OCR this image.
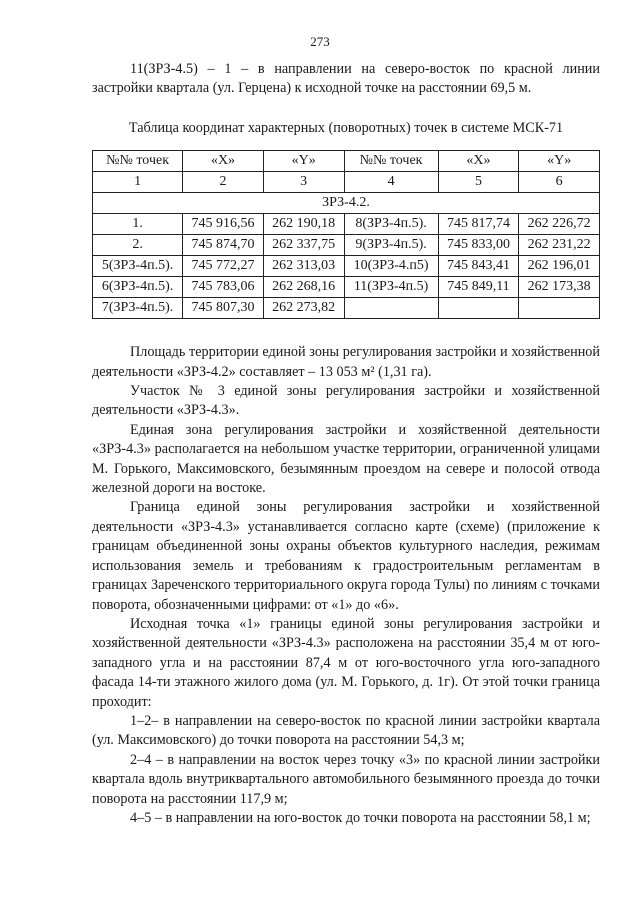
273

11(ЗРЗ-4.5) – 1 – в направлении на северо-восток по красной линии застройки квартала (ул. Герцена) к исходной точке на расстоянии 69,5 м.

Таблица координат характерных (поворотных) точек в системе МСК-71

№№ точек	«X»	«Y»	№№ точек	«X»	«Y»
1	2	3	4	5	6
ЗРЗ-4.2.					
1.	745 916,56	262 190,18	8(ЗРЗ-4п.5).	745 817,74	262 226,72
2.	745 874,70	262 337,75	9(ЗРЗ-4п.5).	745 833,00	262 231,22
5(ЗРЗ-4п.5).	745 772,27	262 313,03	10(ЗРЗ-4.п5)	745 843,41	262 196,01
6(ЗРЗ-4п.5).	745 783,06	262 268,16	11(ЗРЗ-4п.5)	745 849,11	262 173,38
7(ЗРЗ-4п.5).	745 807,30	262 273,82			

Площадь территории единой зоны регулирования застройки и хозяйственной деятельности «ЗРЗ-4.2» составляет – 13 053 м² (1,31 га).

Участок № 3 единой зоны регулирования застройки и хозяйственной деятельности «ЗРЗ-4.3».

Единая зона регулирования застройки и хозяйственной деятельности «ЗРЗ-4.3» располагается на небольшом участке территории, ограниченной улицами М. Горького, Максимовского, безымянным проездом на севере и полосой отвода железной дороги на востоке.

Граница единой зоны регулирования застройки и хозяйственной деятельности «ЗРЗ-4.3» устанавливается согласно карте (схеме) (приложение к границам объединенной зоны охраны объектов культурного наследия, режимам использования земель и требованиям к градостроительным регламентам в границах Зареченского территориального округа города Тулы) по линиям с точками поворота, обозначенными цифрами: от «1» до «6».

Исходная точка «1» границы единой зоны регулирования застройки и хозяйственной деятельности «ЗРЗ-4.3» расположена на расстоянии 35,4 м от юго-западного угла и на расстоянии 87,4 м от юго-восточного угла юго-западного фасада 14-ти этажного жилого дома (ул. М. Горького, д. 1г). От этой точки граница проходит:

1–2– в направлении на северо-восток по красной линии застройки квартала (ул. Максимовского) до точки поворота на расстоянии 54,3 м;

2–4 – в направлении на восток через точку «3» по красной линии застройки квартала вдоль внутриквартального автомобильного безымянного проезда до точки поворота на расстоянии 117,9 м;

4–5 – в направлении на юго-восток до точки поворота на расстоянии 58,1 м;
